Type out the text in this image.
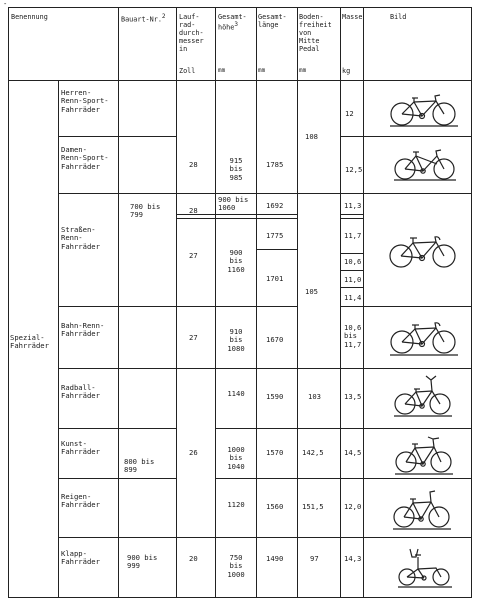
-
Benennung	Bauart-Nr.$^2$ Lauf-
rad-
durch-
messer
in
Zoll
Gesamt-
höhe$^3$
mm
Gesamt-
länge
mm
Boden-
freiheit
von
Mitte
Pedal
mm
Masse
kg
Bild
Spezial-
Fahrräder
Herren-
Renn-Sport-
Fahrräder
Damen-
Renn-Sport-
Fahrräder
Straßen-
Renn-
Fahrräder
Bahn-Renn-
Fahrräder
Radball-
Fahrräder
Kunst-
Fahrräder
Reigen-
Fahrräder
Klapp-
Fahrräder
700 bis
799
800 bis
899
900 bis
999
28
28
27
27
26
20
915
bis
985
900 bis
1060
900
bis
1160
910
bis
1080
1140
1000
bis
1040
1120
750
bis
1000
1785
1692
1775
1701
1670
1590
1570
1560
1490
108
105
103
142,5
151,5
97
12
12,5
11,3
11,7
10,6
11,0
11,4
10,6
bis
11,7
13,5
14,5
12,0
14,3
